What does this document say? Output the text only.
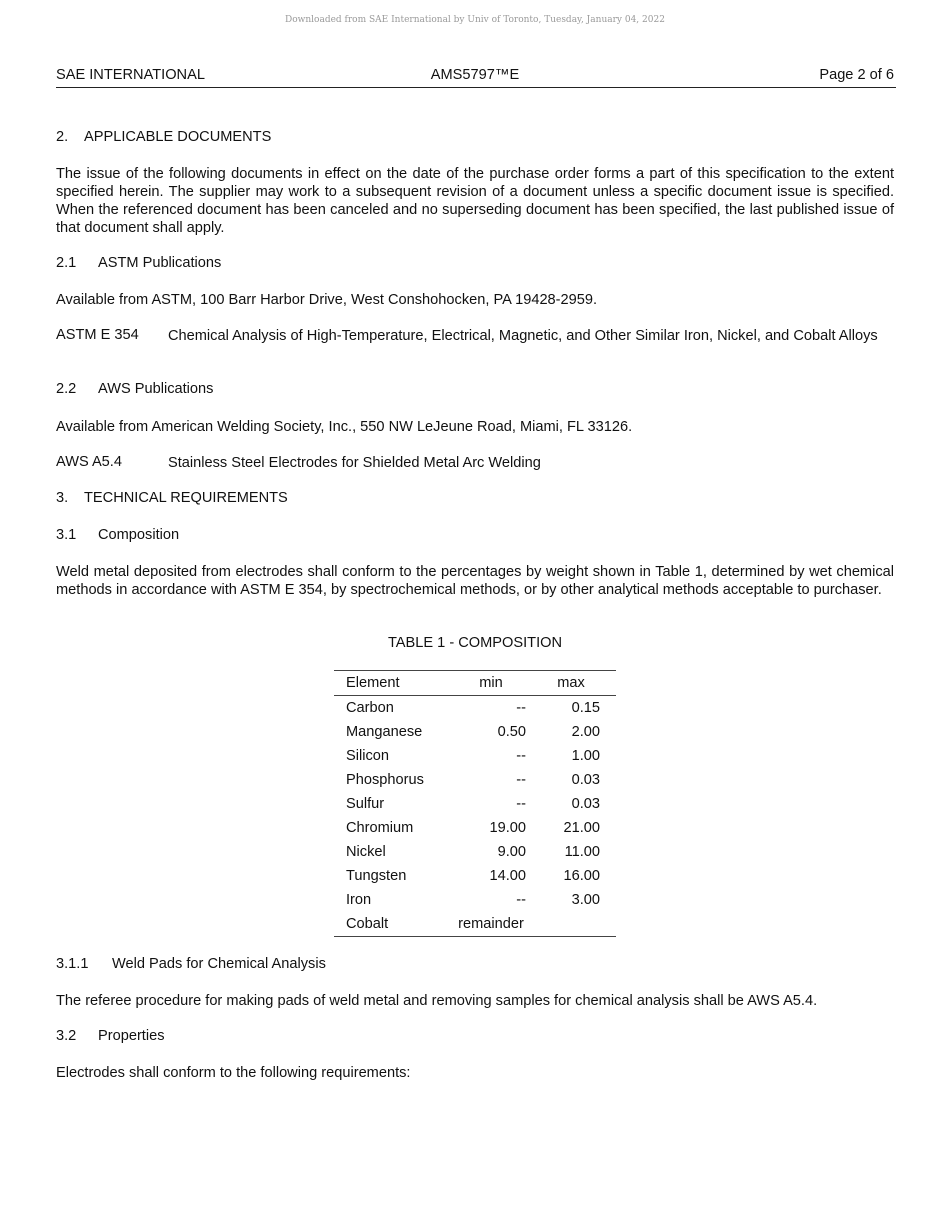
Downloaded from SAE International by Univ of Toronto, Tuesday, January 04, 2022
SAE INTERNATIONAL	AMS5797™E	Page 2 of 6
2. APPLICABLE DOCUMENTS
The issue of the following documents in effect on the date of the purchase order forms a part of this specification to the extent specified herein. The supplier may work to a subsequent revision of a document unless a specific document issue is specified. When the referenced document has been canceled and no superseding document has been specified, the last published issue of that document shall apply.
2.1 ASTM Publications
Available from ASTM, 100 Barr Harbor Drive, West Conshohocken, PA 19428-2959.
ASTM E 354	Chemical Analysis of High-Temperature, Electrical, Magnetic, and Other Similar Iron, Nickel, and Cobalt Alloys
2.2 AWS Publications
Available from American Welding Society, Inc., 550 NW LeJeune Road, Miami, FL 33126.
AWS A5.4	Stainless Steel Electrodes for Shielded Metal Arc Welding
3. TECHNICAL REQUIREMENTS
3.1 Composition
Weld metal deposited from electrodes shall conform to the percentages by weight shown in Table 1, determined by wet chemical methods in accordance with ASTM E 354, by spectrochemical methods, or by other analytical methods acceptable to purchaser.
TABLE 1 - COMPOSITION
Element	min	max
Carbon	--	0.15
Manganese	0.50	2.00
Silicon	--	1.00
Phosphorus	--	0.03
Sulfur	--	0.03
Chromium	19.00	21.00
Nickel	9.00	11.00
Tungsten	14.00	16.00
Iron	--	3.00
Cobalt	remainder	
3.1.1 Weld Pads for Chemical Analysis
The referee procedure for making pads of weld metal and removing samples for chemical analysis shall be AWS A5.4.
3.2 Properties
Electrodes shall conform to the following requirements:
